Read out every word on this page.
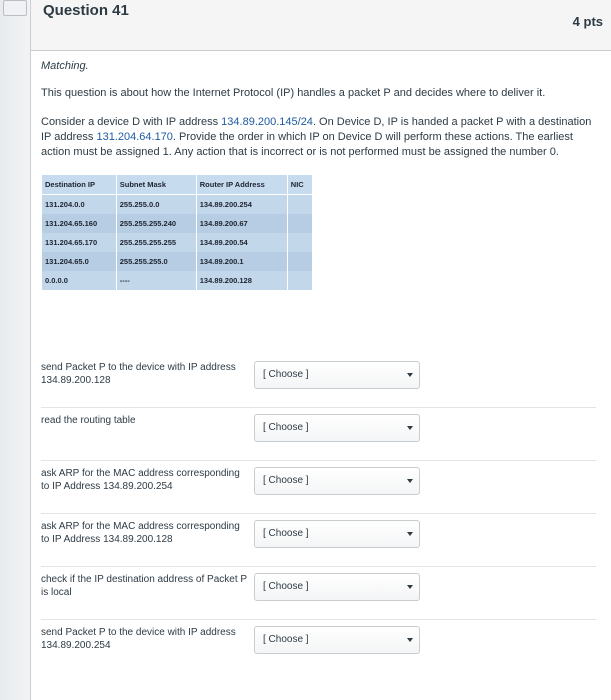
Question 41
4 pts
Matching.
This question is about how the Internet Protocol (IP) handles a packet P and decides where to deliver it.
Consider a device D with IP address 134.89.200.145/24. On Device D, IP is handed a packet P with a destination IP address 131.204.64.170. Provide the order in which IP on Device D will perform these actions. The earliest action must be assigned 1. Any action that is incorrect or is not performed must be assigned the number 0.
Destination IP	Subnet Mask	Router IP Address	NIC
131.204.0.0	255.255.0.0	134.89.200.254	
131.204.65.160	255.255.255.240	134.89.200.67	
131.204.65.170	255.255.255.255	134.89.200.54	
131.204.65.0	255.255.255.0	134.89.200.1	
0.0.0.0	----	134.89.200.128	
send Packet P to the device with IP address 134.89.200.128
[ Choose ]
read the routing table
[ Choose ]
ask ARP for the MAC address corresponding to IP Address 134.89.200.254
[ Choose ]
ask ARP for the MAC address corresponding to IP Address 134.89.200.128
[ Choose ]
check if the IP destination address of Packet P is local
[ Choose ]
send Packet P to the device with IP address 134.89.200.254
[ Choose ]
